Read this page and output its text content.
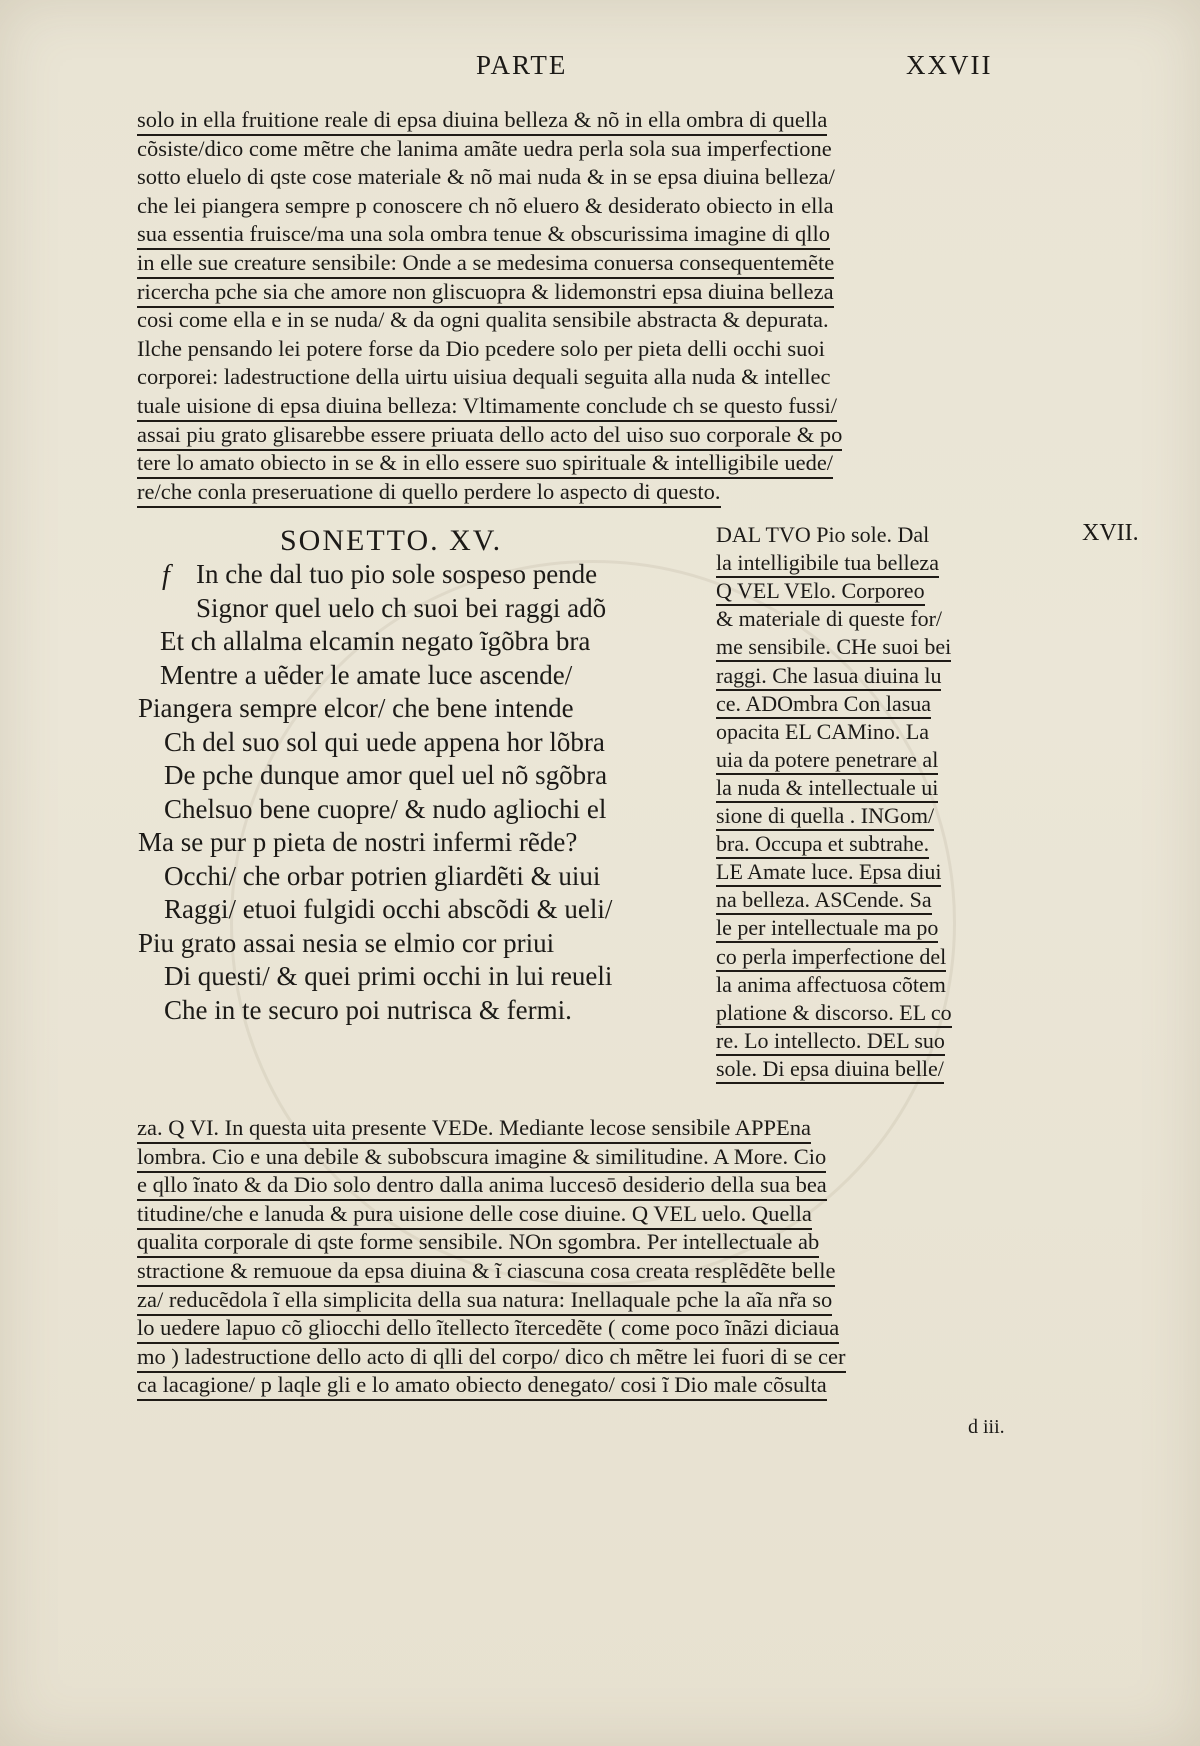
PARTE	XXVII
solo in ella fruitione reale di epsa diuina belleza & nõ in ella ombra di quella
cõsiste/dico come mẽtre che lanima amãte uedra perla sola sua imperfectione
sotto eluelo di qste cose materiale & nõ mai nuda & in se epsa diuina belleza/
che lei piangera sempre p conoscere ch nõ eluero & desiderato obiecto in ella
sua essentia fruisce/ma una sola ombra tenue & obscurissima imagine di qllo
in elle sue creature sensibile: Onde a se medesima conuersa consequentemẽte
ricercha pche sia che amore non gliscuopra & lidemonstri epsa diuina belleza
cosi come ella e in se nuda/ & da ogni qualita sensibile abstracta & depurata.
Ilche pensando lei potere forse da Dio pcedere solo per pieta delli occhi suoi
corporei: ladestructione della uirtu uisiua dequali seguita alla nuda & intellec
tuale uisione di epsa diuina belleza: Vltimamente conclude ch se questo fussi/
assai piu grato glisarebbe essere priuata dello acto del uiso suo corporale & po
tere lo amato obiecto in se & in ello essere suo spirituale & intelligibile uede/
re/che conla preseruatione di quello perdere lo aspecto di questo.
SONETTO. XV.	XVII.
f In che dal tuo pio sole sospeso pende
Signor quel uelo ch suoi bei raggi adõ
Et ch allalma elcamin negato ĩgõbra bra
Mentre a uẽder le amate luce ascende/
Piangera sempre elcor/ che bene intende
Ch del suo sol qui uede appena hor lõbra
De pche dunque amor quel uel nõ sgõbra
Chelsuo bene cuopre/ & nudo agliochi el
Ma se pur p pieta de nostri infermi rẽde?
Occhi/ che orbar potrien gliardẽti & uiui
Raggi/ etuoi fulgidi occhi abscõdi & ueli/
Piu grato assai nesia se elmio cor priui
Di questi/ & quei primi occhi in lui reueli
Che in te securo poi nutrisca & fermi.
DAL TVO Pio sole. Dal
la intelligibile tua belleza
Q VEL VElo. Corporeo
& materiale di queste for/
me sensibile. CHe suoi bei
raggi. Che lasua diuina lu
ce. ADOmbra Con lasua
opacita EL CAMino. La
uia da potere penetrare al
la nuda & intellectuale ui
sione di quella . INGom/
bra. Occupa et subtrahe.
LE Amate luce. Epsa diui
na belleza. ASCende. Sa
le per intellectuale ma po
co perla imperfectione del
la anima affectuosa cõtem
platione & discorso. EL co
re. Lo intellecto. DEL suo
sole. Di epsa diuina belle/
za. Q VI. In questa uita presente VEDe. Mediante lecose sensibile APPEna
lombra. Cio e una debile & subobscura imagine & similitudine. A More. Cio
e qllo ĩnato & da Dio solo dentro dalla anima luccesō desiderio della sua bea
titudine/che e lanuda & pura uisione delle cose diuine. Q VEL uelo. Quella
qualita corporale di qste forme sensibile. NOn sgombra. Per intellectuale ab
stractione & remuoue da epsa diuina & ĩ ciascuna cosa creata resplẽdẽte belle
za/ reducẽdola ĩ ella simplicita della sua natura: Inellaquale pche la aĩa nr̃a so
lo uedere lapuo cõ gliocchi dello ĩtellecto ĩtercedẽte ( come poco ĩnãzi diciaua
mo ) ladestructione dello acto di qlli del corpo/ dico ch mẽtre lei fuori di se cer
ca lacagione/ p laqle gli e lo amato obiecto denegato/ cosi ĩ Dio male cõsulta
d iii.
